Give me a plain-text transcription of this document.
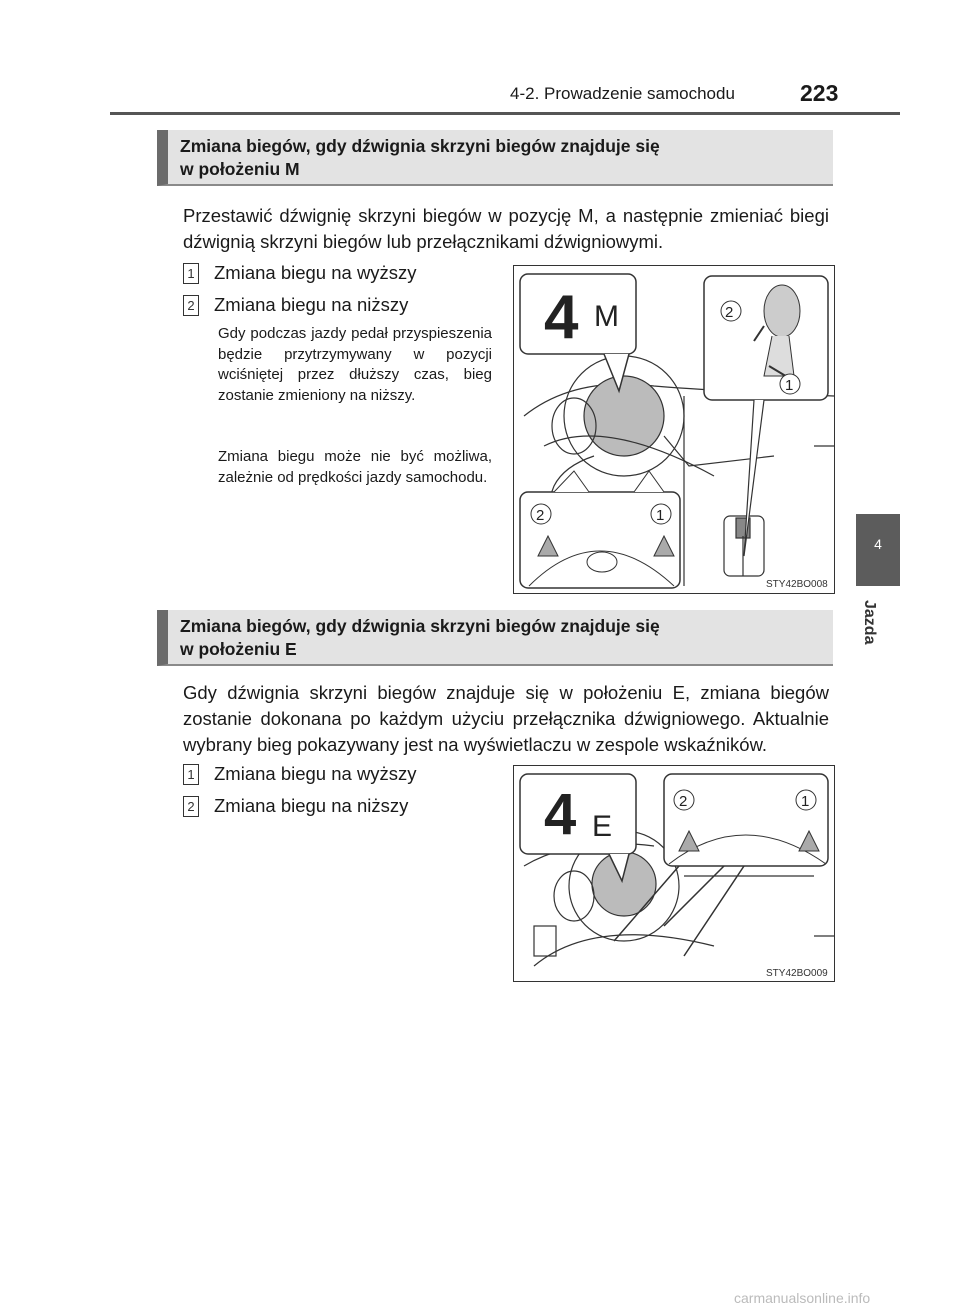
4-2. Prowadzenie samochodu	223
Zmiana biegów, gdy dźwignia skrzyni biegów znajduje się
w położeniu M
Przestawić dźwignię skrzyni biegów w pozycję M, a następnie zmieniać biegi dźwignią skrzyni biegów lub przełącznikami dźwigniowymi.
1 Zmiana biegu na wyższy
2 Zmiana biegu na niższy
Gdy podczas jazdy pedał przyspieszenia będzie przytrzymywany w pozycji wciśniętej przez dłuższy czas, bieg zostanie zmieniony na niższy.
Zmiana biegu może nie być możliwa, zależnie od prędkości jazdy samochodu.
4 M	2
1
2	1
STY42BO008
Zmiana biegów, gdy dźwignia skrzyni biegów znajduje się
w położeniu E
Gdy dźwignia skrzyni biegów znajduje się w położeniu E, zmiana biegów zostanie dokonana po każdym użyciu przełącznika dźwigniowego. Aktualnie wybrany bieg pokazywany jest na wyświetlaczu w zespole wskaźników.
1 Zmiana biegu na wyższy
2 Zmiana biegu na niższy 4 E
2	1
STY42BO009
4
Jazda
carmanualsonline.info
